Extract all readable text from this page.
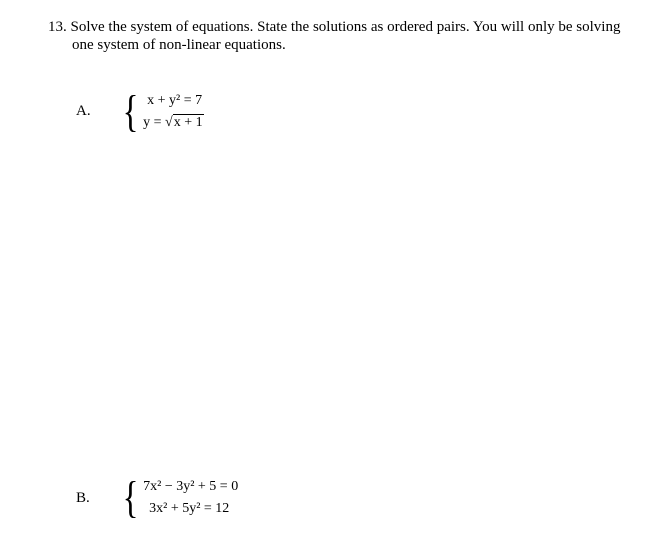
13. Solve the system of equations. State the solutions as ordered pairs. You will only be solving
one system of non-linear equations.
A. { x + y² = 7
y = √x + 1
B. { 7x² − 3y² + 5 = 0
3x² + 5y² = 12
